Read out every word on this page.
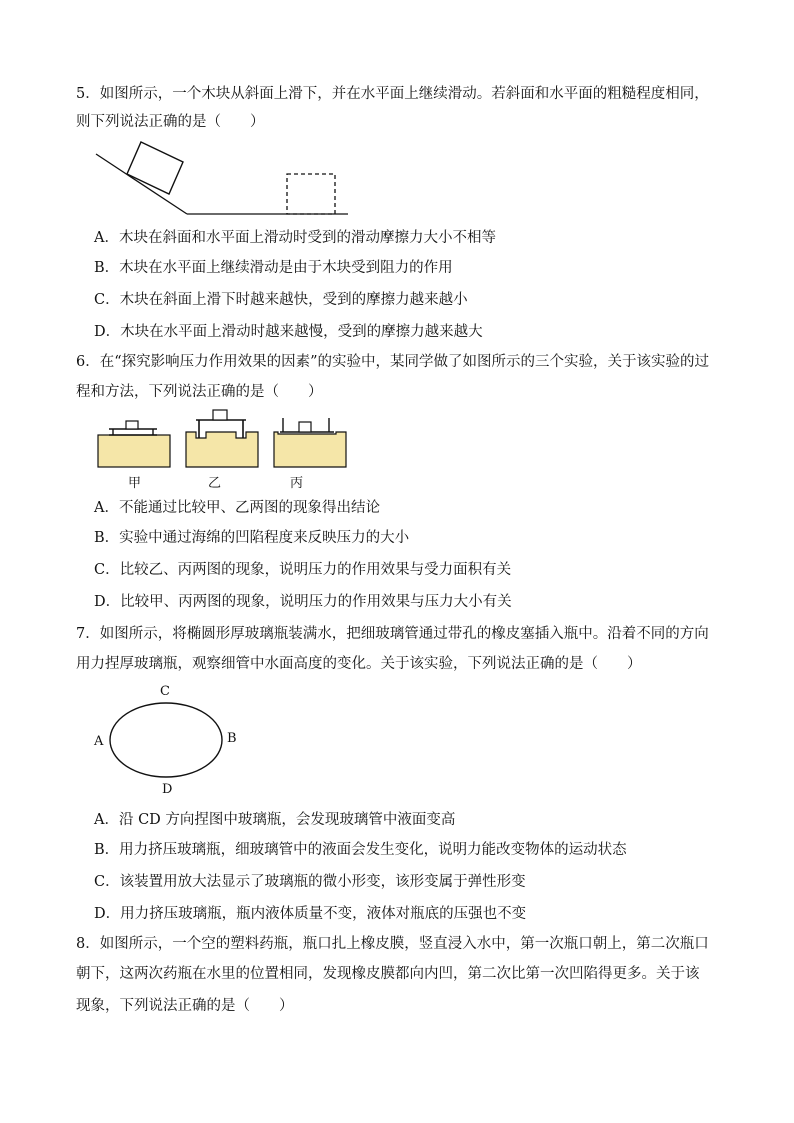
5．如图所示，一个木块从斜面上滑下，并在水平面上继续滑动。若斜面和水平面的粗糙程度相同，
则下列说法正确的是（　　）
A．木块在斜面和水平面上滑动时受到的滑动摩擦力大小不相等
B．木块在水平面上继续滑动是由于木块受到阻力的作用
C．木块在斜面上滑下时越来越快，受到的摩擦力越来越小
D．木块在水平面上滑动时越来越慢，受到的摩擦力越来越大
6．在“探究影响压力作用效果的因素”的实验中，某同学做了如图所示的三个实验，关于该实验的过
程和方法，下列说法正确的是（　　）
甲	乙	丙
A．不能通过比较甲、乙两图的现象得出结论
B．实验中通过海绵的凹陷程度来反映压力的大小
C．比较乙、丙两图的现象，说明压力的作用效果与受力面积有关
D．比较甲、丙两图的现象，说明压力的作用效果与压力大小有关
7．如图所示，将椭圆形厚玻璃瓶装满水，把细玻璃管通过带孔的橡皮塞插入瓶中。沿着不同的方向
用力捏厚玻璃瓶，观察细管中水面高度的变化。关于该实验，下列说法正确的是（　　）
C
A	B
D
A．沿 CD 方向捏图中玻璃瓶，会发现玻璃管中液面变高
B．用力挤压玻璃瓶，细玻璃管中的液面会发生变化，说明力能改变物体的运动状态
C．该装置用放大法显示了玻璃瓶的微小形变，该形变属于弹性形变
D．用力挤压玻璃瓶，瓶内液体质量不变，液体对瓶底的压强也不变
8．如图所示，一个空的塑料药瓶，瓶口扎上橡皮膜，竖直浸入水中，第一次瓶口朝上，第二次瓶口
朝下，这两次药瓶在水里的位置相同，发现橡皮膜都向内凹，第二次比第一次凹陷得更多。关于该
现象，下列说法正确的是（　　）
